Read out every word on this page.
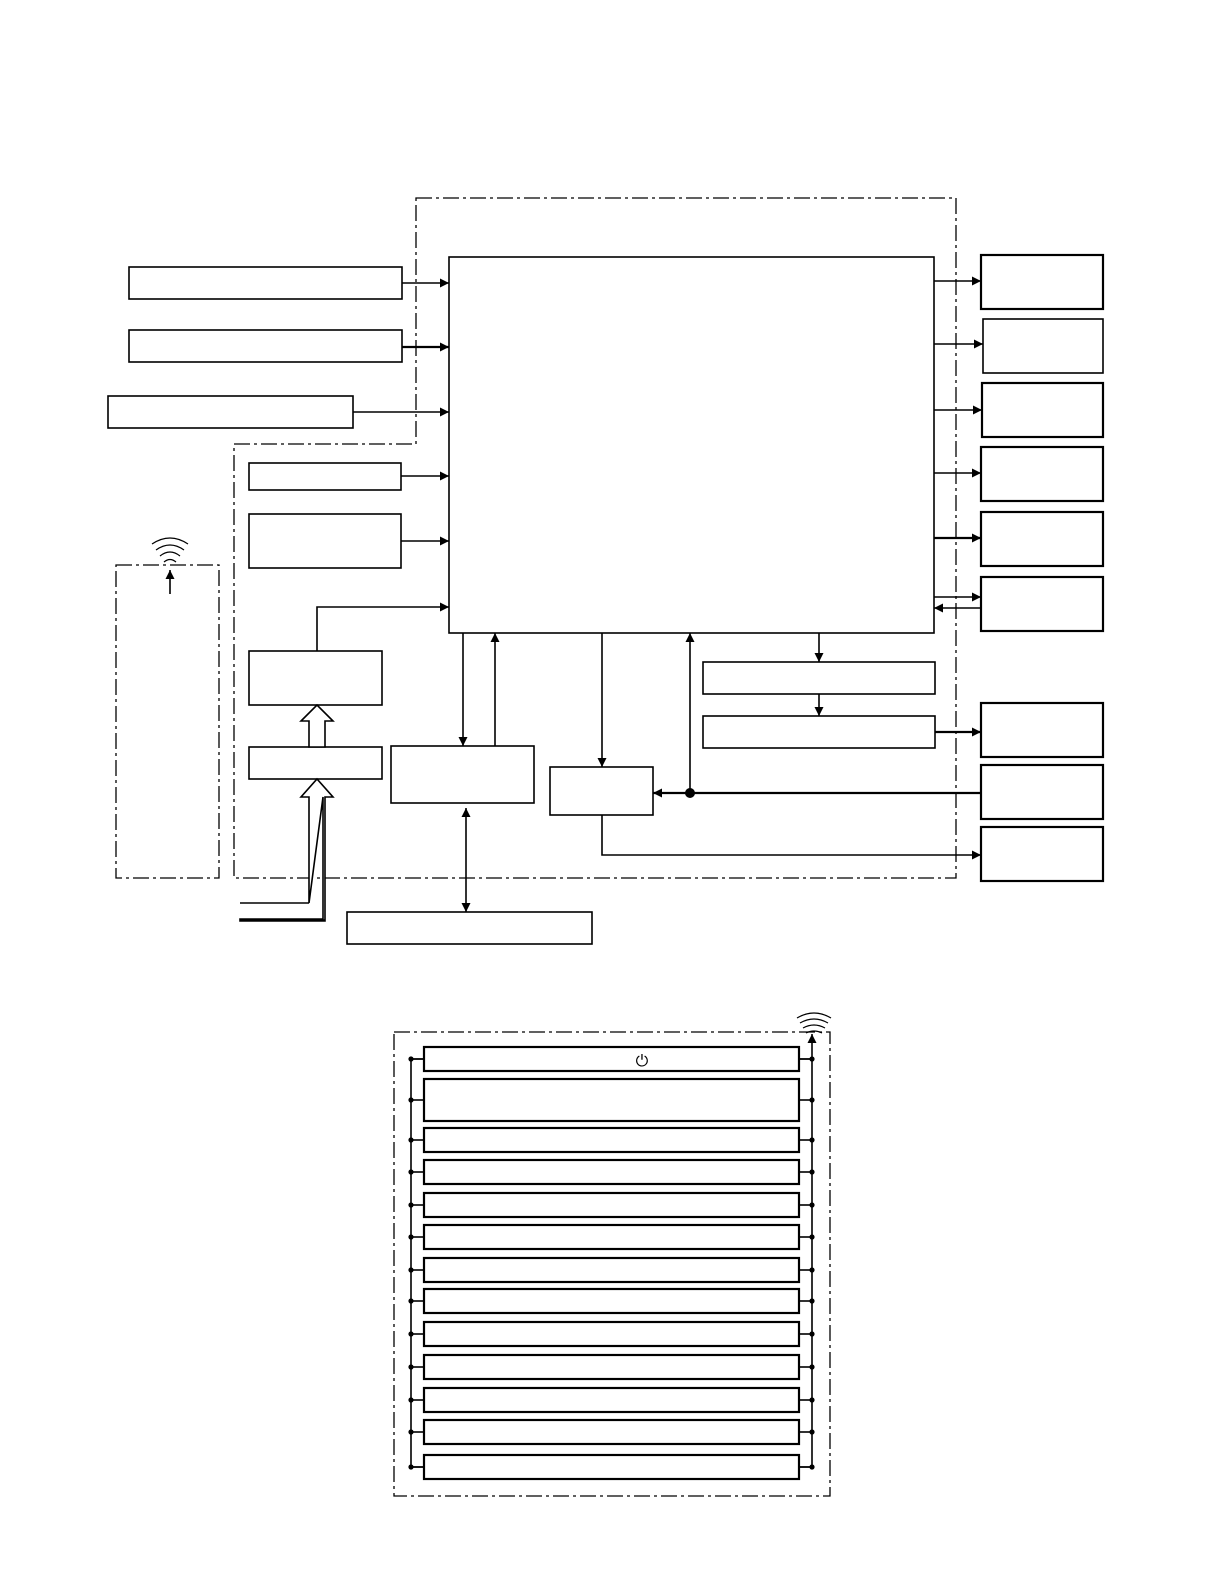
⏻
